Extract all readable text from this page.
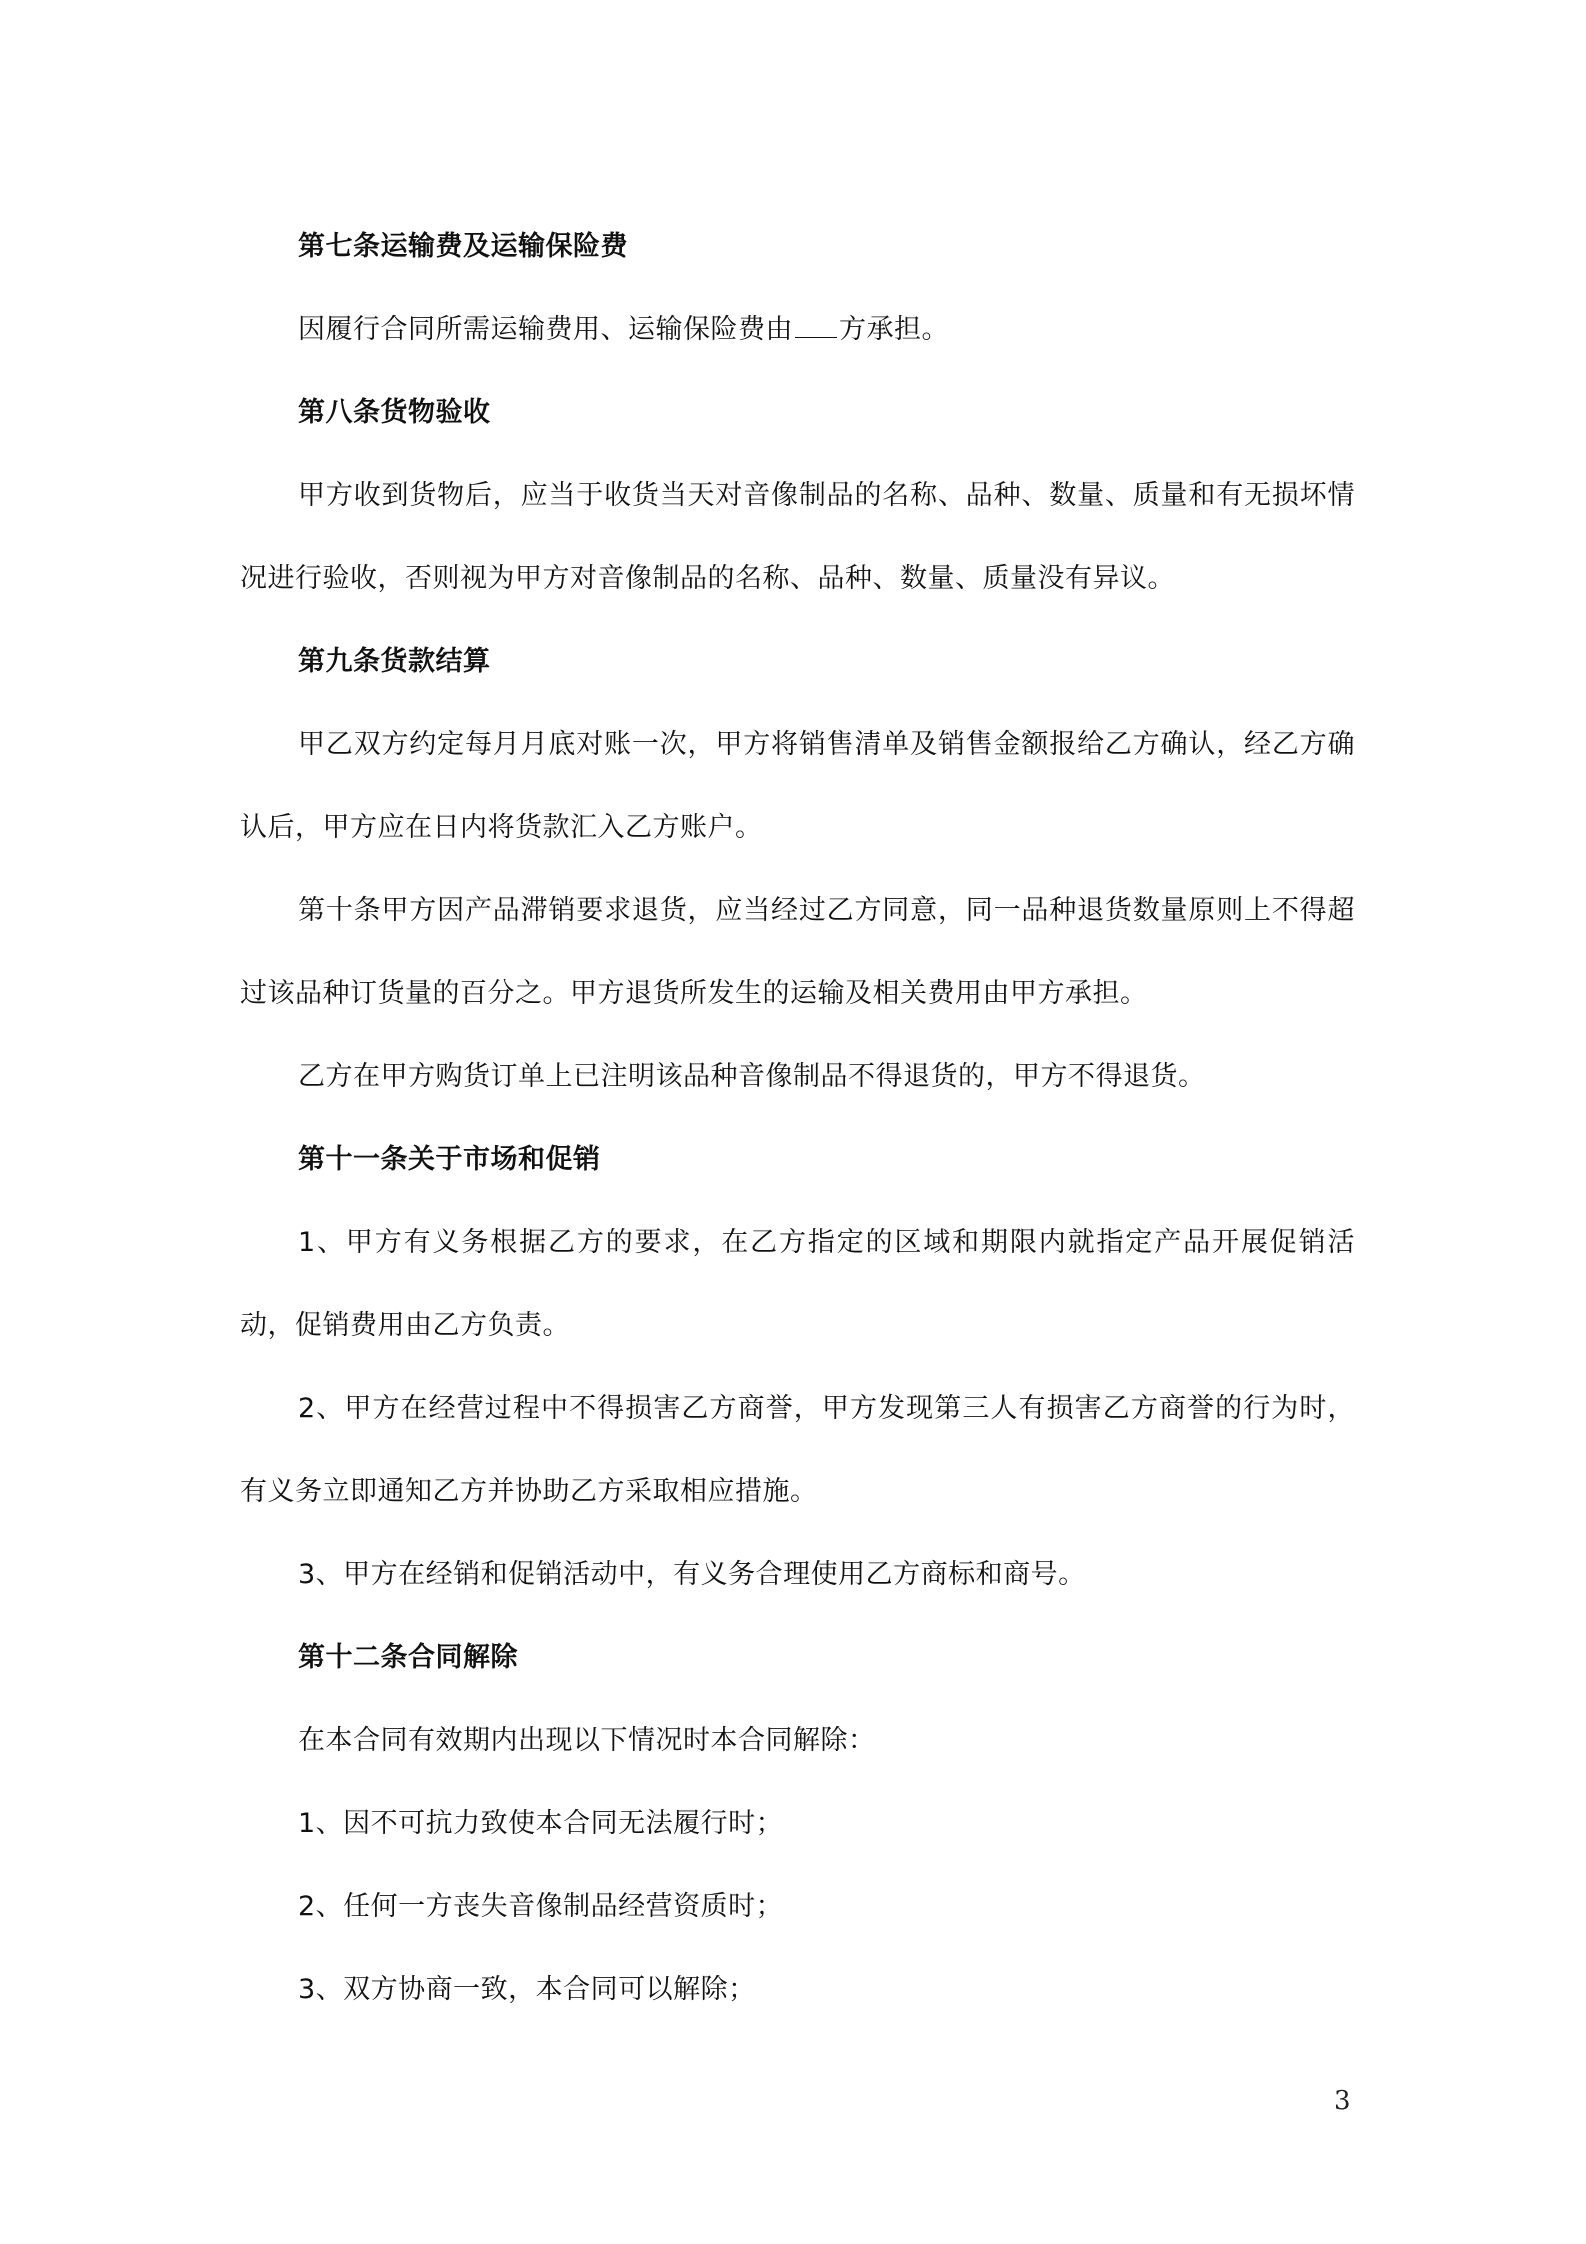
第七条运输费及运输保险费

因履行合同所需运输费用、运输保险费由 方承担。

第八条货物验收

甲方收到货物后，应当于收货当天对音像制品的名称、品种、数量、质量和有无损坏情况进行验收，否则视为甲方对音像制品的名称、品种、数量、质量没有异议。

第九条货款结算

甲乙双方约定每月月底对账一次，甲方将销售清单及销售金额报给乙方确认，经乙方确认后，甲方应在日内将货款汇入乙方账户。

第十条甲方因产品滞销要求退货，应当经过乙方同意，同一品种退货数量原则上不得超过该品种订货量的百分之。甲方退货所发生的运输及相关费用由甲方承担。

乙方在甲方购货订单上已注明该品种音像制品不得退货的，甲方不得退货。

第十一条关于市场和促销

1、甲方有义务根据乙方的要求，在乙方指定的区域和期限内就指定产品开展促销活动，促销费用由乙方负责。

2、甲方在经营过程中不得损害乙方商誉，甲方发现第三人有损害乙方商誉的行为时，有义务立即通知乙方并协助乙方采取相应措施。

3、甲方在经销和促销活动中，有义务合理使用乙方商标和商号。

第十二条合同解除

在本合同有效期内出现以下情况时本合同解除：

1、因不可抗力致使本合同无法履行时；

2、任何一方丧失音像制品经营资质时；

3、双方协商一致，本合同可以解除；

3
